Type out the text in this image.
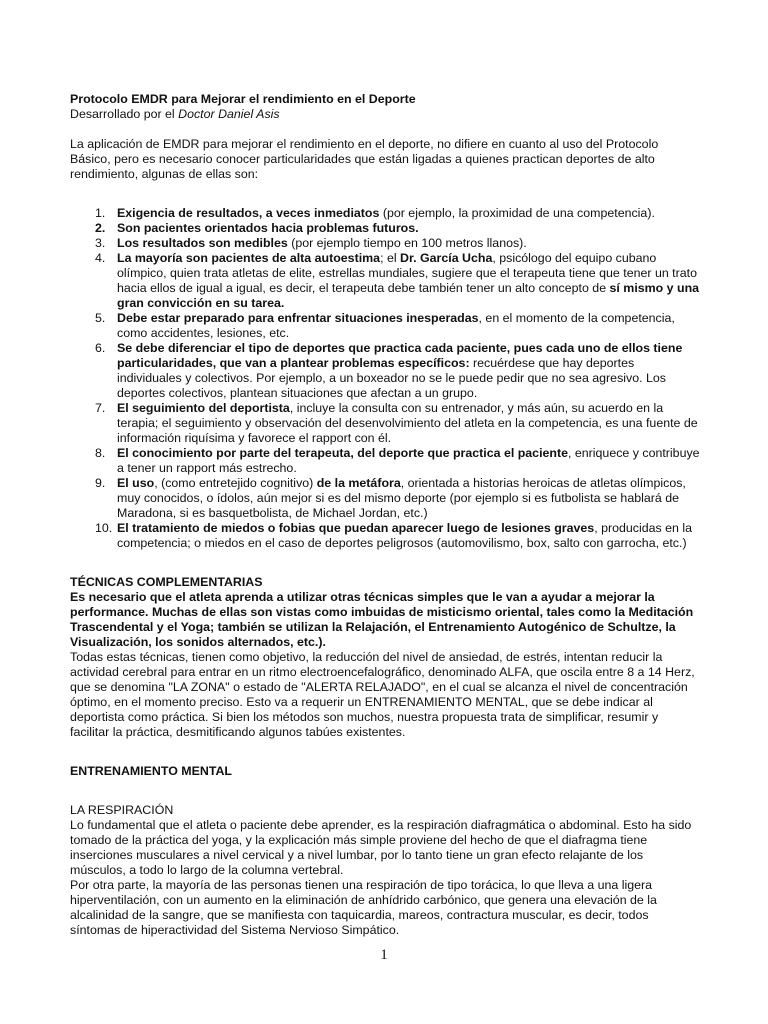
Protocolo EMDR para Mejorar el rendimiento en el Deporte
Desarrollado por el Doctor Daniel Asis

La aplicación de EMDR para mejorar el rendimiento en el deporte, no difiere en cuanto al uso del Protocolo Básico, pero es necesario conocer particularidades que están ligadas a quienes practican deportes de alto rendimiento, algunas de ellas son:

1. Exigencia de resultados, a veces inmediatos (por ejemplo, la proximidad de una competencia).
2. Son pacientes orientados hacia problemas futuros.
3. Los resultados son medibles (por ejemplo tiempo en 100 metros llanos).
4. La mayoría son pacientes de alta autoestima; el Dr. García Ucha, psicólogo del equipo cubano olímpico, quien trata atletas de elite, estrellas mundiales, sugiere que el terapeuta tiene que tener un trato hacia ellos de igual a igual, es decir, el terapeuta debe también tener un alto concepto de sí mismo y una gran convicción en su tarea.
5. Debe estar preparado para enfrentar situaciones inesperadas, en el momento de la competencia, como accidentes, lesiones, etc.
6. Se debe diferenciar el tipo de deportes que practica cada paciente, pues cada uno de ellos tiene particularidades, que van a plantear problemas específicos: recuérdese que hay deportes individuales y colectivos. Por ejemplo, a un boxeador no se le puede pedir que no sea agresivo. Los deportes colectivos, plantean situaciones que afectan a un grupo.
7. El seguimiento del deportista, incluye la consulta con su entrenador, y más aún, su acuerdo en la terapia; el seguimiento y observación del desenvolvimiento del atleta en la competencia, es una fuente de información riquísima y favorece el rapport con él.
8. El conocimiento por parte del terapeuta, del deporte que practica el paciente, enriquece y contribuye a tener un rapport más estrecho.
9. El uso, (como entretejido cognitivo) de la metáfora, orientada a historias heroicas de atletas olímpicos, muy conocidos, o ídolos, aún mejor si es del mismo deporte (por ejemplo si es futbolista se hablará de Maradona, si es basquetbolista, de Michael Jordan, etc.)
10. El tratamiento de miedos o fobias que puedan aparecer luego de lesiones graves, producidas en la competencia; o miedos en el caso de deportes peligrosos (automovilismo, box, salto con garrocha, etc.)
TÉCNICAS COMPLEMENTARIAS

Es necesario que el atleta aprenda a utilizar otras técnicas simples que le van a ayudar a mejorar la performance. Muchas de ellas son vistas como imbuidas de misticismo oriental, tales como la Meditación Trascendental y el Yoga; también se utilizan la Relajación, el Entrenamiento Autogénico de Schultze, la Visualización, los sonidos alternados, etc.).

Todas estas técnicas, tienen como objetivo, la reducción del nivel de ansiedad, de estrés, intentan reducir la actividad cerebral para entrar en un ritmo electroencefalográfico, denominado ALFA, que oscila entre 8 a 14 Herz, que se denomina "LA ZONA" o estado de "ALERTA RELAJADO", en el cual se alcanza el nivel de concentración óptimo, en el momento preciso. Esto va a requerir un ENTRENAMIENTO MENTAL, que se debe indicar al deportista como práctica. Si bien los métodos son muchos, nuestra propuesta trata de simplificar, resumir y facilitar la práctica, desmitificando algunos tabúes existentes.

ENTRENAMIENTO MENTAL
LA RESPIRACIÓN

Lo fundamental que el atleta o paciente debe aprender, es la respiración diafragmática o abdominal. Esto ha sido tomado de la práctica del yoga, y la explicación más simple proviene del hecho de que el diafragma tiene inserciones musculares a nivel cervical y a nivel lumbar, por lo tanto tiene un gran efecto relajante de los músculos, a todo lo largo de la columna vertebral.

Por otra parte, la mayoría de las personas tienen una respiración de tipo torácica, lo que lleva a una ligera hiperventilación, con un aumento en la eliminación de anhídrido carbónico, que genera una elevación de la alcalinidad de la sangre, que se manifiesta con taquicardia, mareos, contractura muscular, es decir, todos síntomas de hiperactividad del Sistema Nervioso Simpático.

1
